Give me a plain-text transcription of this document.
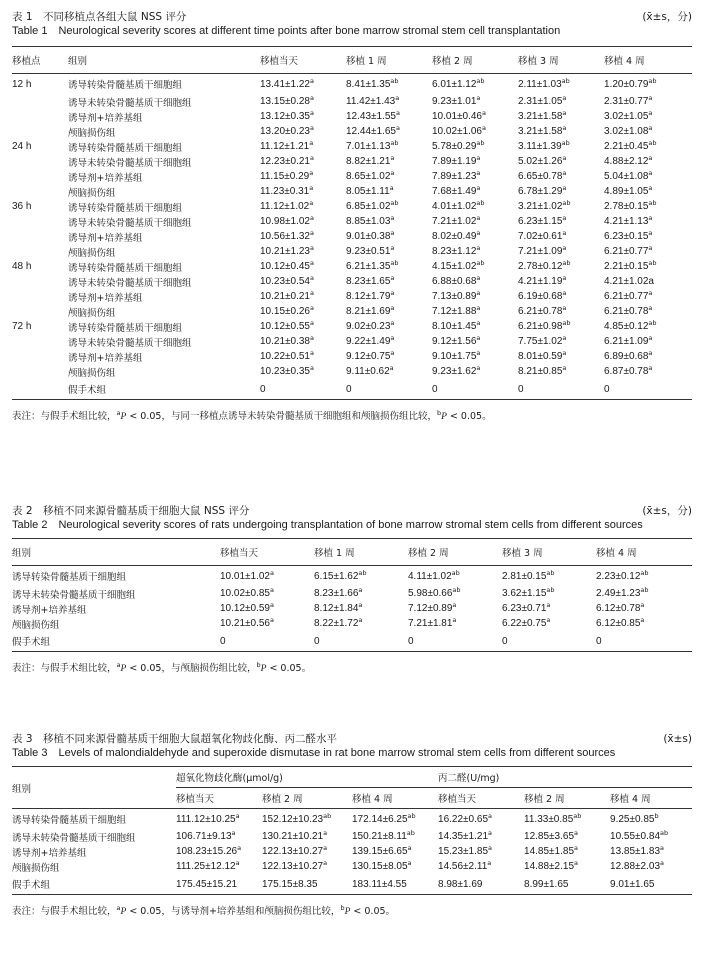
表 1　不同移植点各组大鼠 NSS 评分	(x̄±s，分)
Table 1　Neurological severity scores at different time points after bone marrow stromal stem cell transplantation
移植点	组别	移植当天	移植 1 周	移植 2 周	移植 3 周	移植 4 周
12 h	诱导转染骨髓基质干细胞组	13.41±1.22$^a$	8.41±1.35$^{ab}$	6.01±1.12$^{ab}$	2.11±1.03$^{ab}$	1.20±0.79$^{ab}$
	诱导未转染骨髓基质干细胞组	13.15±0.28$^a$	11.42±1.43$^a$	9.23±1.01$^a$	2.31±1.05$^a$	2.31±0.77$^a$
	诱导剂+培养基组	13.12±0.35$^a$	12.43±1.55$^a$	10.01±0.46$^a$	3.21±1.58$^a$	3.02±1.05$^a$
	颅脑损伤组	13.20±0.23$^a$	12.44±1.65$^a$	10.02±1.06$^a$	3.21±1.58$^a$	3.02±1.08$^a$
24 h	诱导转染骨髓基质干细胞组	11.12±1.21$^a$	7.01±1.13$^{ab}$	5.78±0.29$^{ab}$	3.11±1.39$^{ab}$	2.21±0.45$^{ab}$
	诱导未转染骨髓基质干细胞组	12.23±0.21$^a$	8.82±1.21$^a$	7.89±1.19$^a$	5.02±1.26$^a$	4.88±2.12$^a$
	诱导剂+培养基组	11.15±0.29$^a$	8.65±1.02$^a$	7.89±1.23$^a$	6.65±0.78$^a$	5.04±1.08$^a$
	颅脑损伤组	11.23±0.31$^a$	8.05±1.11$^a$	7.68±1.49$^a$	6.78±1.29$^a$	4.89±1.05$^a$
36 h	诱导转染骨髓基质干细胞组	11.12±1.02$^a$	6.85±1.02$^{ab}$	4.01±1.02$^{ab}$	3.21±1.02$^{ab}$	2.78±0.15$^{ab}$
	诱导未转染骨髓基质干细胞组	10.98±1.02$^a$	8.85±1.03$^a$	7.21±1.02$^a$	6.23±1.15$^a$	4.21±1.13$^a$
	诱导剂+培养基组	10.56±1.32$^a$	9.01±0.38$^a$	8.02±0.49$^a$	7.02±0.61$^a$	6.23±0.15$^a$
	颅脑损伤组	10.21±1.23$^a$	9.23±0.51$^a$	8.23±1.12$^a$	7.21±1.09$^a$	6.21±0.77$^a$
48 h	诱导转染骨髓基质干细胞组	10.12±0.45$^a$	6.21±1.35$^{ab}$	4.15±1.02$^{ab}$	2.78±0.12$^{ab}$	2.21±0.15$^{ab}$
	诱导未转染骨髓基质干细胞组	10.23±0.54$^a$	8.23±1.65$^a$	6.88±0.68$^a$	4.21±1.19$^a$	4.21±1.02a
	诱导剂+培养基组	10.21±0.21$^a$	8.12±1.79$^a$	7.13±0.89$^a$	6.19±0.68$^a$	6.21±0.77$^a$
	颅脑损伤组	10.15±0.26$^a$	8.21±1.69$^a$	7.12±1.88$^a$	6.21±0.78$^a$	6.21±0.78$^a$
72 h	诱导转染骨髓基质干细胞组	10.12±0.55$^a$	9.02±0.23$^a$	8.10±1.45$^a$	6.21±0.98$^{ab}$	4.85±0.12$^{ab}$
	诱导未转染骨髓基质干细胞组	10.21±0.38$^a$	9.22±1.49$^a$	9.12±1.56$^a$	7.75±1.02$^a$	6.21±1.09$^a$
	诱导剂+培养基组	10.22±0.51$^a$	9.12±0.75$^a$	9.10±1.75$^a$	8.01±0.59$^a$	6.89±0.68$^a$
	颅脑损伤组	10.23±0.35$^a$	9.11±0.62$^a$	9.23±1.62$^a$	8.21±0.85$^a$	6.87±0.78$^a$
	假手术组	0	0	0	0	0
表注：与假手术组比较，$^a$P < 0.05，与同一移植点诱导未转染骨髓基质干细胞组和颅脑损伤组比较，$^b$P < 0.05。
表 2　移植不同来源骨髓基质干细胞大鼠 NSS 评分	(x̄±s，分)
Table 2　Neurological severity scores of rats undergoing transplantation of bone marrow stromal stem cells from different sources
组别	移植当天	移植 1 周	移植 2 周	移植 3 周	移植 4 周
诱导转染骨髓基质干细胞组	10.01±1.02$^a$	6.15±1.62$^{ab}$	4.11±1.02$^{ab}$	2.81±0.15$^{ab}$	2.23±0.12$^{ab}$
诱导未转染骨髓基质干细胞组	10.02±0.85$^a$	8.23±1.66$^a$	5.98±0.66$^{ab}$	3.62±1.15$^{ab}$	2.49±1.23$^{ab}$
诱导剂+培养基组	10.12±0.59$^a$	8.12±1.84$^a$	7.12±0.89$^a$	6.23±0.71$^a$	6.12±0.78$^a$
颅脑损伤组	10.21±0.56$^a$	8.22±1.72$^a$	7.21±1.81$^a$	6.22±0.75$^a$	6.12±0.85$^a$
假手术组	0	0	0	0	0
表注：与假手术组比较，$^a$P < 0.05，与颅脑损伤组比较，$^b$P < 0.05。
表 3　移植不同来源骨髓基质干细胞大鼠超氧化物歧化酶、丙二醛水平	(x̄±s)
Table 3　Levels of malondialdehyde and superoxide dismutase in rat bone marrow stromal stem cells from different sources
组别	超氧化物歧化酶(μmol/g)			丙二醛(U/mg)		
	移植当天	移植 2 周	移植 4 周	移植当天	移植 2 周	移植 4 周
诱导转染骨髓基质干细胞组	111.12±10.25$^a$	152.12±10.23$^{ab}$	172.14±6.25$^{ab}$	16.22±0.65$^a$	11.33±0.85$^{ab}$	9.25±0.85$^b$
诱导未转染骨髓基质干细胞组	106.71±9.13$^a$	130.21±10.21$^a$	150.21±8.11$^{ab}$	14.35±1.21$^a$	12.85±3.65$^a$	10.55±0.84$^{ab}$
诱导剂+培养基组	108.23±15.26$^a$	122.13±10.27$^a$	139.15±6.65$^a$	15.23±1.85$^a$	14.85±1.85$^a$	13.85±1.83$^a$
颅脑损伤组	111.25±12.12$^a$	122.13±10.27$^a$	130.15±8.05$^a$	14.56±2.11$^a$	14.88±2.15$^a$	12.88±2.03$^a$
假手术组	175.45±15.21	175.15±8.35	183.11±4.55	8.98±1.69	8.99±1.65	9.01±1.65
表注：与假手术组比较，$^a$P < 0.05，与诱导剂+培养基组和颅脑损伤组比较，$^b$P < 0.05。
